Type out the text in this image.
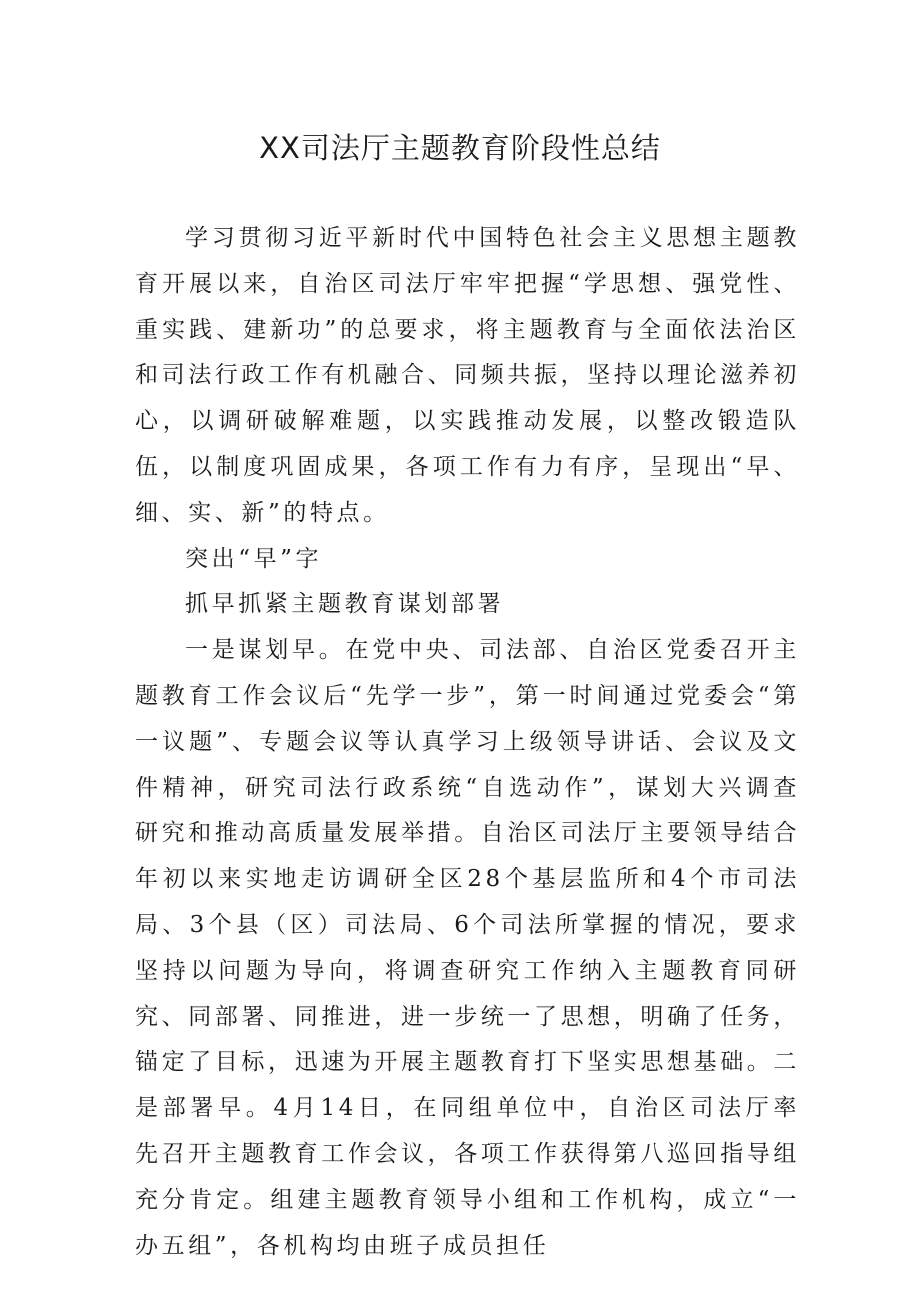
XX司法厅主题教育阶段性总结

学习贯彻习近平新时代中国特色社会主义思想主题教育开展以来，自治区司法厅牢牢把握“学思想、强党性、重实践、建新功”的总要求，将主题教育与全面依法治区和司法行政工作有机融合、同频共振，坚持以理论滋养初心，以调研破解难题，以实践推动发展，以整改锻造队伍，以制度巩固成果，各项工作有力有序，呈现出“早、细、实、新”的特点。

突出“早”字

抓早抓紧主题教育谋划部署

一是谋划早。在党中央、司法部、自治区党委召开主题教育工作会议后“先学一步”，第一时间通过党委会“第一议题”、专题会议等认真学习上级领导讲话、会议及文件精神，研究司法行政系统“自选动作”，谋划大兴调查研究和推动高质量发展举措。自治区司法厅主要领导结合年初以来实地走访调研全区28个基层监所和4个市司法局、3个县（区）司法局、6个司法所掌握的情况，要求坚持以问题为导向，将调查研究工作纳入主题教育同研究、同部署、同推进，进一步统一了思想，明确了任务，锚定了目标，迅速为开展主题教育打下坚实思想基础。二是部署早。4月14日，在同组单位中，自治区司法厅率先召开主题教育工作会议，各项工作获得第八巡回指导组充分肯定。组建主题教育领导小组和工作机构，成立“一办五组”，各机构均由班子成员担任
